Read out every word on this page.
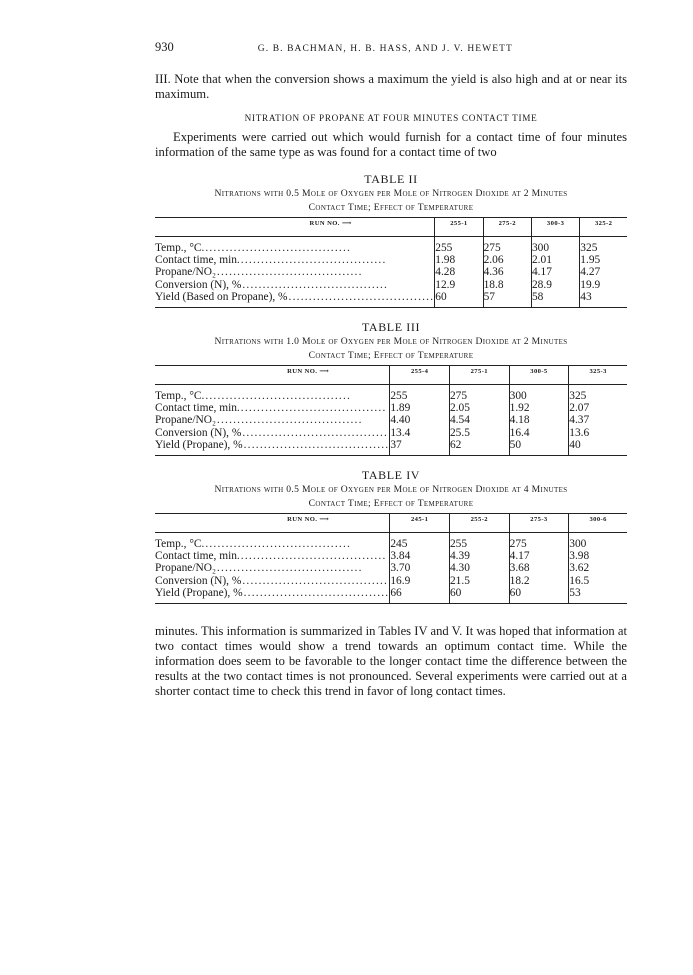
930	G. B. BACHMAN, H. B. HASS, AND J. V. HEWETT

III. Note that when the conversion shows a maximum the yield is also high and at or near its maximum.

NITRATION OF PROPANE AT FOUR MINUTES CONTACT TIME

Experiments were carried out which would furnish for a contact time of four minutes information of the same type as was found for a contact time of two

TABLE II
Nitrations with 0.5 Mole of Oxygen per Mole of Nitrogen Dioxide at 2 Minutes
Contact Time; Effect of Temperature
RUN NO. ⟶	255-1	275-2	300-3	325-2
Temp., °C.....................................	255	275	300	325
Contact time, min.....................................	1.98	2.06	2.01	1.95
Propane/NO₂....................................	4.28	4.36	4.17	4.27
Conversion (N), %....................................	12.9	18.8	28.9	19.9
Yield (Based on Propane), %....................................	60	57	58	43
TABLE III
Nitrations with 1.0 Mole of Oxygen per Mole of Nitrogen Dioxide at 2 Minutes
Contact Time; Effect of Temperature
RUN NO. ⟶	255-4	275-1	300-5	325-3
Temp., °C.....................................	255	275	300	325
Contact time, min.....................................	1.89	2.05	1.92	2.07
Propane/NO₂....................................	4.40	4.54	4.18	4.37
Conversion (N), %....................................	13.4	25.5	16.4	13.6
Yield (Propane), %....................................	37	62	50	40
TABLE IV
Nitrations with 0.5 Mole of Oxygen per Mole of Nitrogen Dioxide at 4 Minutes
Contact Time; Effect of Temperature
RUN NO. ⟶	245-1	255-2	275-3	300-6
Temp., °C.....................................	245	255	275	300
Contact time, min.....................................	3.84	4.39	4.17	3.98
Propane/NO₂....................................	3.70	4.30	3.68	3.62
Conversion (N), %....................................	16.9	21.5	18.2	16.5
Yield (Propane), %....................................	66	60	60	53

minutes. This information is summarized in Tables IV and V. It was hoped that information at two contact times would show a trend towards an optimum contact time. While the information does seem to be favorable to the longer contact time the difference between the results at the two contact times is not pronounced. Several experiments were carried out at a shorter contact time to check this trend in favor of long contact times.
